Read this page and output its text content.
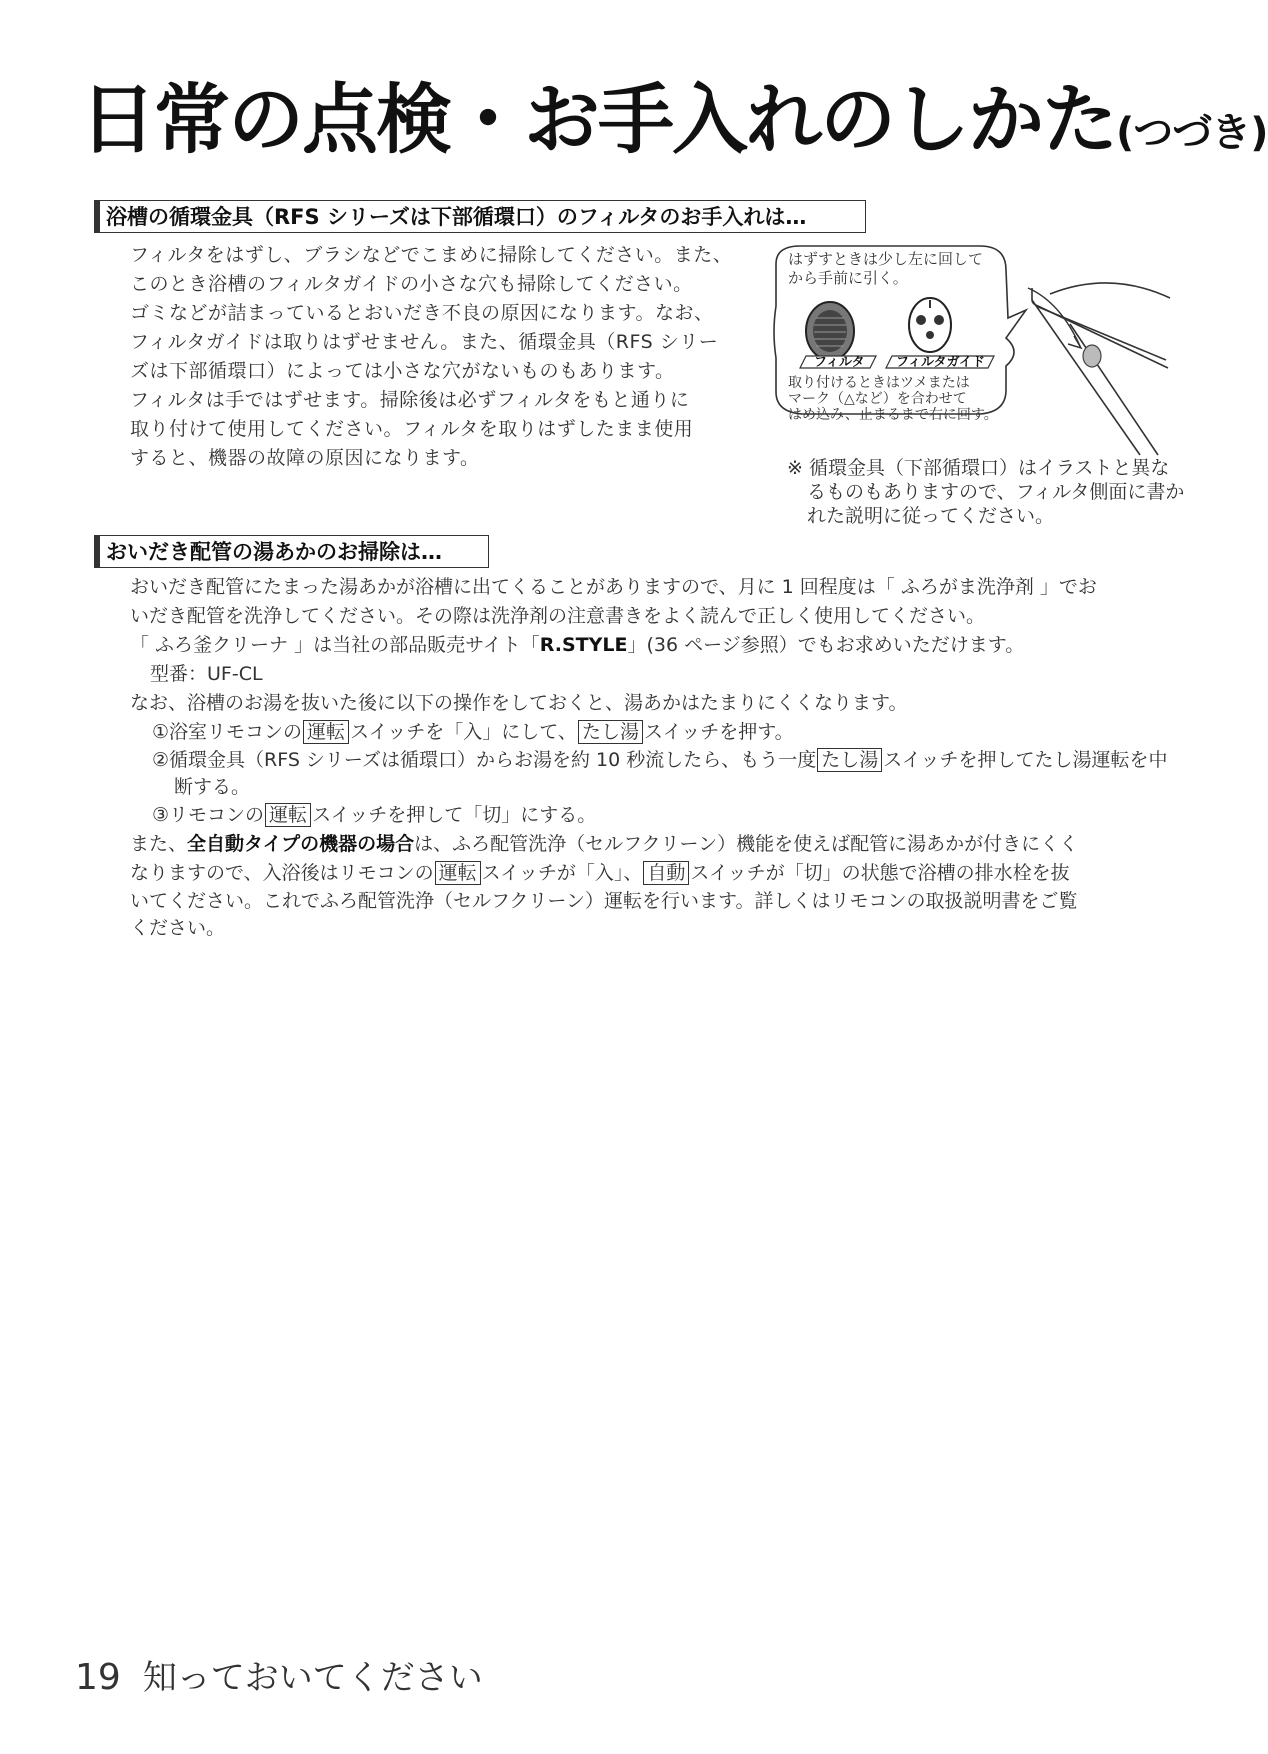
日常の点検・お手入れのしかた(つづき)
浴槽の循環金具（RFS シリーズは下部循環口）のフィルタのお手入れは…

フィルタをはずし、ブラシなどでこまめに掃除してください。また、
このとき浴槽のフィルタガイドの小さな穴も掃除してください。
ゴミなどが詰まっているとおいだき不良の原因になります。なお、
フィルタガイドは取りはずせません。また、循環金具（RFS シリー
ズは下部循環口）によっては小さな穴がないものもあります。
フィルタは手ではずせます。掃除後は必ずフィルタをもと通りに
取り付けて使用してください。フィルタを取りはずしたまま使用
すると、機器の故障の原因になります。

はずすときは少し左に回して
から手前に引く。
フィルタ フィルタガイド
取り付けるときはツメまたは
マーク（△など）を合わせて
はめ込み、止まるまで右に回す。

※ 循環金具（下部循環口）はイラストと異なるものもありますので、フィルタ側面に書かれた説明に従ってください。

おいだき配管の湯あかのお掃除は…

おいだき配管にたまった湯あかが浴槽に出てくることがありますので、月に 1 回程度は「 ふろがま洗浄剤 」でお

いだき配管を洗浄してください。その際は洗浄剤の注意書きをよく読んで正しく使用してください。

「 ふろ釜クリーナ 」は当社の部品販売サイト「R.STYLE」(36 ページ参照）でもお求めいただけます。

型番：UF-CL

なお、浴槽のお湯を抜いた後に以下の操作をしておくと、湯あかはたまりにくくなります。

①浴室リモコンの 運転 スイッチを「入」にして、 たし湯 スイッチを押す。

②循環金具（RFS シリーズは循環口）からお湯を約 10 秒流したら、もう一度 たし湯 スイッチを押してたし湯運転を中断する。

③リモコンの 運転 スイッチを押して「切」にする。

また、全自動タイプの機器の場合は、ふろ配管洗浄（セルフクリーン）機能を使えば配管に湯あかが付きにくく

なりますので、入浴後はリモコンの 運転 スイッチが「入」、 自動 スイッチが「切」の状態で浴槽の排水栓を抜

いてください。これでふろ配管洗浄（セルフクリーン）運転を行います。詳しくはリモコンの取扱説明書をご覧

ください。

19 知っておいてください
